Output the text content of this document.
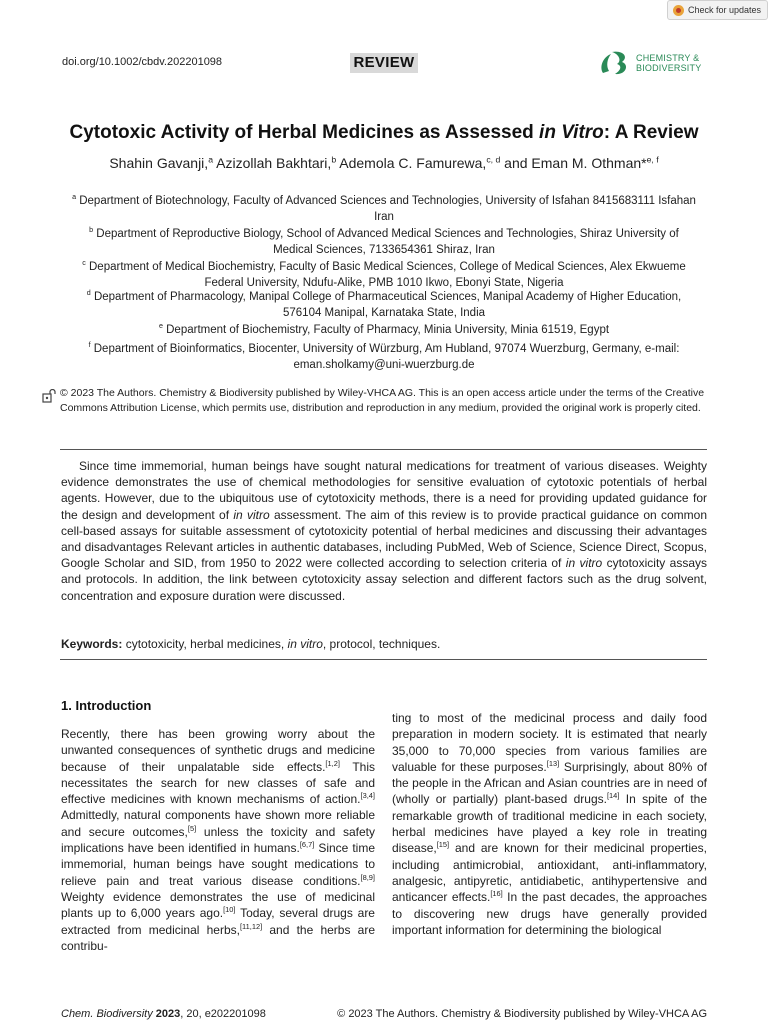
Check for updates
doi.org/10.1002/cbdv.202201098	REVIEW	CHEMISTRY &
BIODIVERSITY
Cytotoxic Activity of Herbal Medicines as Assessed in Vitro: A Review
Shahin Gavanji,$^a$ Azizollah Bakhtari,$^b$ Ademola C. Famurewa,$^{c, d}$ and Eman M. Othman*$^{e, f}$
$^a$ Department of Biotechnology, Faculty of Advanced Sciences and Technologies, University of Isfahan 8415683111 Isfahan Iran
$^b$ Department of Reproductive Biology, School of Advanced Medical Sciences and Technologies, Shiraz University of Medical Sciences, 7133654361 Shiraz, Iran
$^c$ Department of Medical Biochemistry, Faculty of Basic Medical Sciences, College of Medical Sciences, Alex Ekwueme Federal University, Ndufu-Alike, PMB 1010 Ikwo, Ebonyi State, Nigeria
$^d$ Department of Pharmacology, Manipal College of Pharmaceutical Sciences, Manipal Academy of Higher Education, 576104 Manipal, Karnataka State, India
$^e$ Department of Biochemistry, Faculty of Pharmacy, Minia University, Minia 61519, Egypt
$^f$ Department of Bioinformatics, Biocenter, University of Würzburg, Am Hubland, 97074 Wuerzburg, Germany, e-mail: eman.sholkamy@uni-wuerzburg.de
© 2023 The Authors. Chemistry & Biodiversity published by Wiley-VHCA AG. This is an open access article under the terms of the Creative Commons Attribution License, which permits use, distribution and reproduction in any medium, provided the original work is properly cited.
Since time immemorial, human beings have sought natural medications for treatment of various diseases. Weighty evidence demonstrates the use of chemical methodologies for sensitive evaluation of cytotoxic potentials of herbal agents. However, due to the ubiquitous use of cytotoxicity methods, there is a need for providing updated guidance for the design and development of in vitro assessment. The aim of this review is to provide practical guidance on common cell-based assays for suitable assessment of cytotoxicity potential of herbal medicines and discussing their advantages and disadvantages Relevant articles in authentic databases, including PubMed, Web of Science, Science Direct, Scopus, Google Scholar and SID, from 1950 to 2022 were collected according to selection criteria of in vitro cytotoxicity assays and protocols. In addition, the link between cytotoxicity assay selection and different factors such as the drug solvent, concentration and exposure duration were discussed.
Keywords: cytotoxicity, herbal medicines, in vitro, protocol, techniques.
1. Introduction
Recently, there has been growing worry about the unwanted consequences of synthetic drugs and medicine because of their unpalatable side effects.[1,2] This necessitates the search for new classes of safe and effective medicines with known mechanisms of action.[3,4] Admittedly, natural components have shown more reliable and secure outcomes,[5] unless the toxicity and safety implications have been identified in humans.[6,7] Since time immemorial, human beings have sought medications to relieve pain and treat various disease conditions.[8,9] Weighty evidence demonstrates the use of medicinal plants up to 6,000 years ago.[10] Today, several drugs are extracted from medicinal herbs,[11,12] and the herbs are contribu-
ting to most of the medicinal process and daily food preparation in modern society. It is estimated that nearly 35,000 to 70,000 species from various families are valuable for these purposes.[13] Surprisingly, about 80% of the people in the African and Asian countries are in need of (wholly or partially) plant-based drugs.[14] In spite of the remarkable growth of traditional medicine in each society, herbal medicines have played a key role in treating disease,[15] and are known for their medicinal properties, including antimicrobial, antioxidant, anti-inflammatory, analgesic, antipyretic, antidiabetic, antihypertensive and anticancer effects.[16] In the past decades, the approaches to discovering new drugs have generally provided important information for determining the biological
Chem. Biodiversity 2023, 20, e202201098	© 2023 The Authors. Chemistry & Biodiversity published by Wiley-VHCA AG
